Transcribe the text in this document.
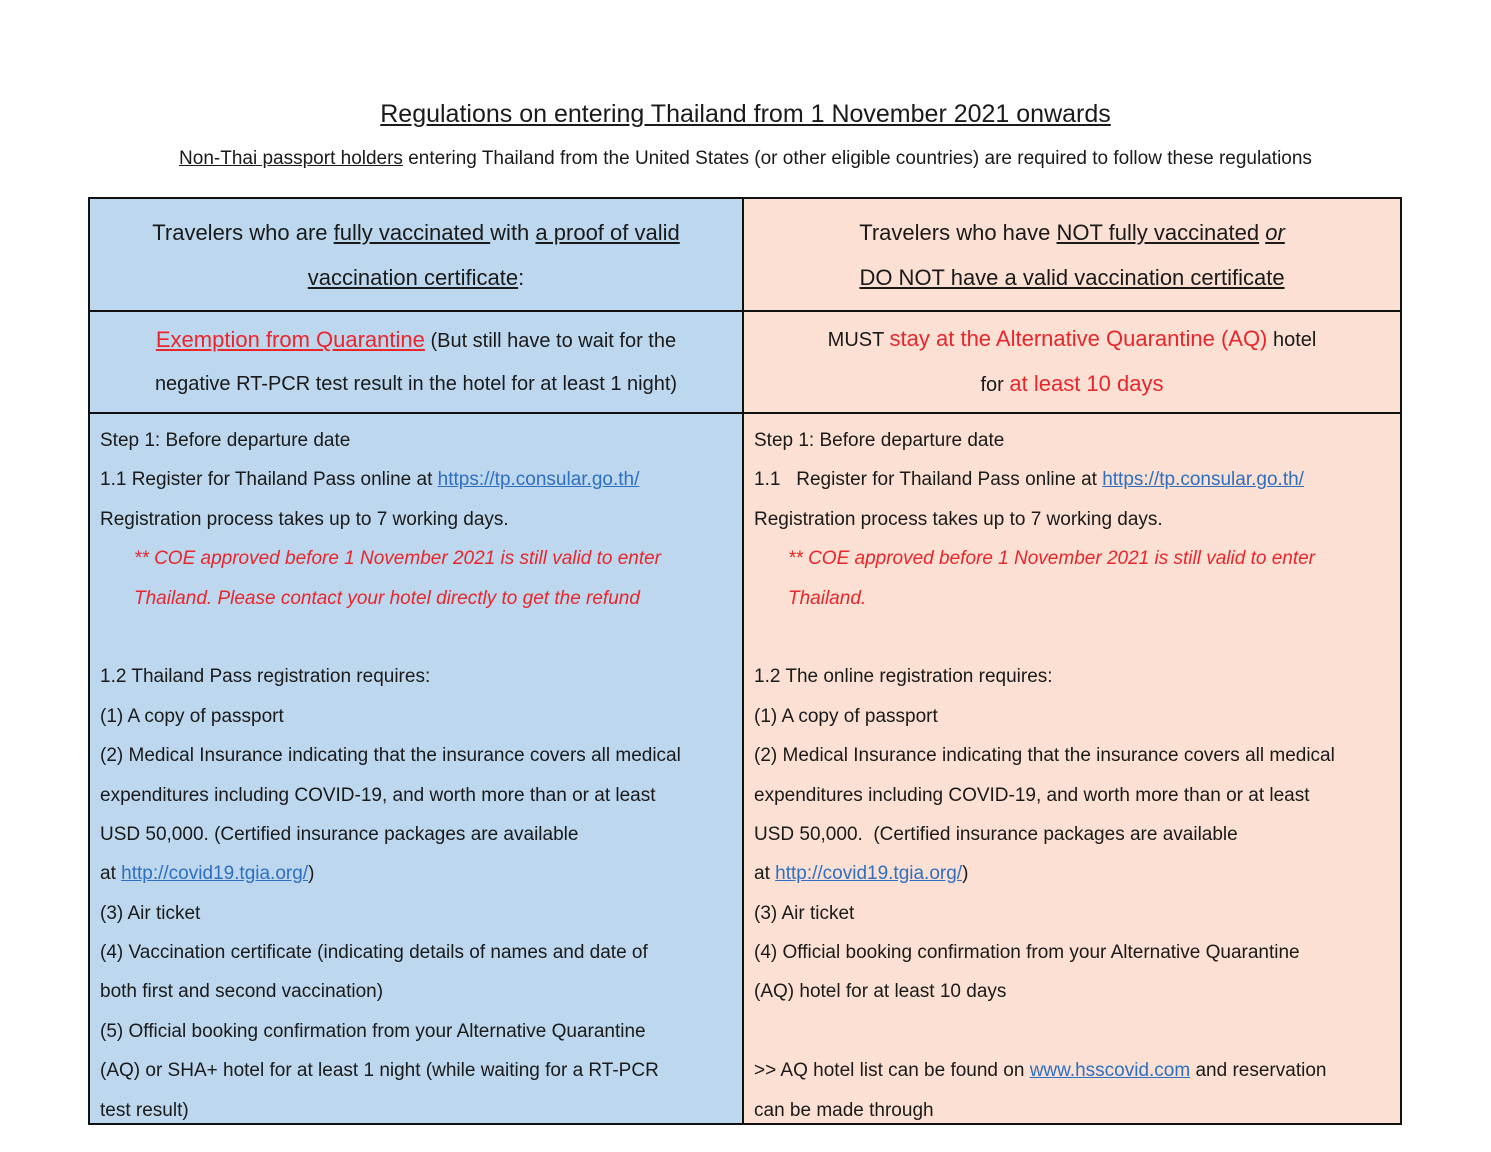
Regulations on entering Thailand from 1 November 2021 onwards
Non-Thai passport holders entering Thailand from the United States (or other eligible countries) are required to follow these regulations
Travelers who are fully vaccinated with a proof of valid
vaccination certificate:
Exemption from Quarantine (But still have to wait for the
negative RT-PCR test result in the hotel for at least 1 night)
Step 1: Before departure date
1.1 Register for Thailand Pass online at https://tp.consular.go.th/
Registration process takes up to 7 working days.
** COE approved before 1 November 2021 is still valid to enter
Thailand. Please contact your hotel directly to get the refund
1.2 Thailand Pass registration requires:
(1) A copy of passport
(2) Medical Insurance indicating that the insurance covers all medical
expenditures including COVID-19, and worth more than or at least
USD 50,000. (Certified insurance packages are available
at http://covid19.tgia.org/)
(3) Air ticket
(4) Vaccination certificate (indicating details of names and date of
both first and second vaccination)
(5) Official booking confirmation from your Alternative Quarantine
(AQ) or SHA+ hotel for at least 1 night (while waiting for a RT-PCR
test result)
Travelers who have NOT fully vaccinated or
DO NOT have a valid vaccination certificate
MUST stay at the Alternative Quarantine (AQ) hotel
for at least 10 days
Step 1: Before departure date
1.1   Register for Thailand Pass online at https://tp.consular.go.th/
Registration process takes up to 7 working days.
** COE approved before 1 November 2021 is still valid to enter
Thailand.
1.2 The online registration requires:
(1) A copy of passport
(2) Medical Insurance indicating that the insurance covers all medical
expenditures including COVID-19, and worth more than or at least
USD 50,000.  (Certified insurance packages are available
at http://covid19.tgia.org/)
(3) Air ticket
(4) Official booking confirmation from your Alternative Quarantine
(AQ) hotel for at least 10 days
>> AQ hotel list can be found on www.hsscovid.com and reservation
can be made through
